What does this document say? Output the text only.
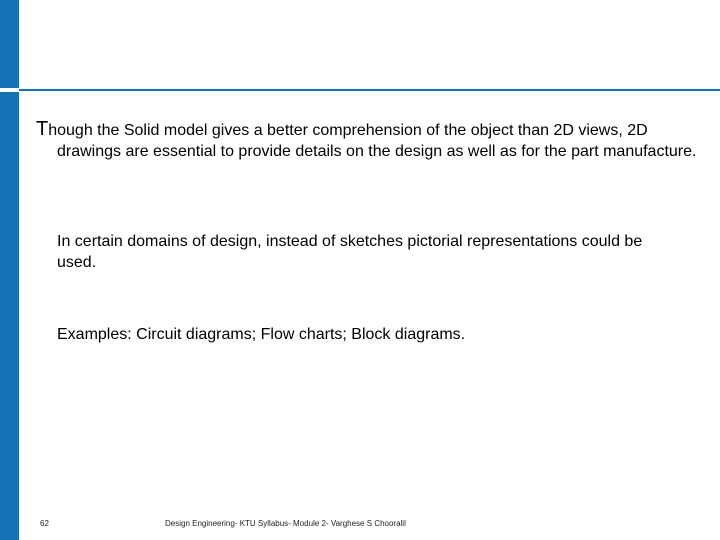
Though the Solid model gives a better comprehension of the object than 2D views, 2D drawings are essential to provide details on the design as well as for the part manufacture.
In certain domains of design, instead of sketches pictorial representations could be used.
Examples: Circuit diagrams; Flow charts; Block diagrams.
62	Design Engineering- KTU Syllabus- Module 2- Varghese S Chooralil
